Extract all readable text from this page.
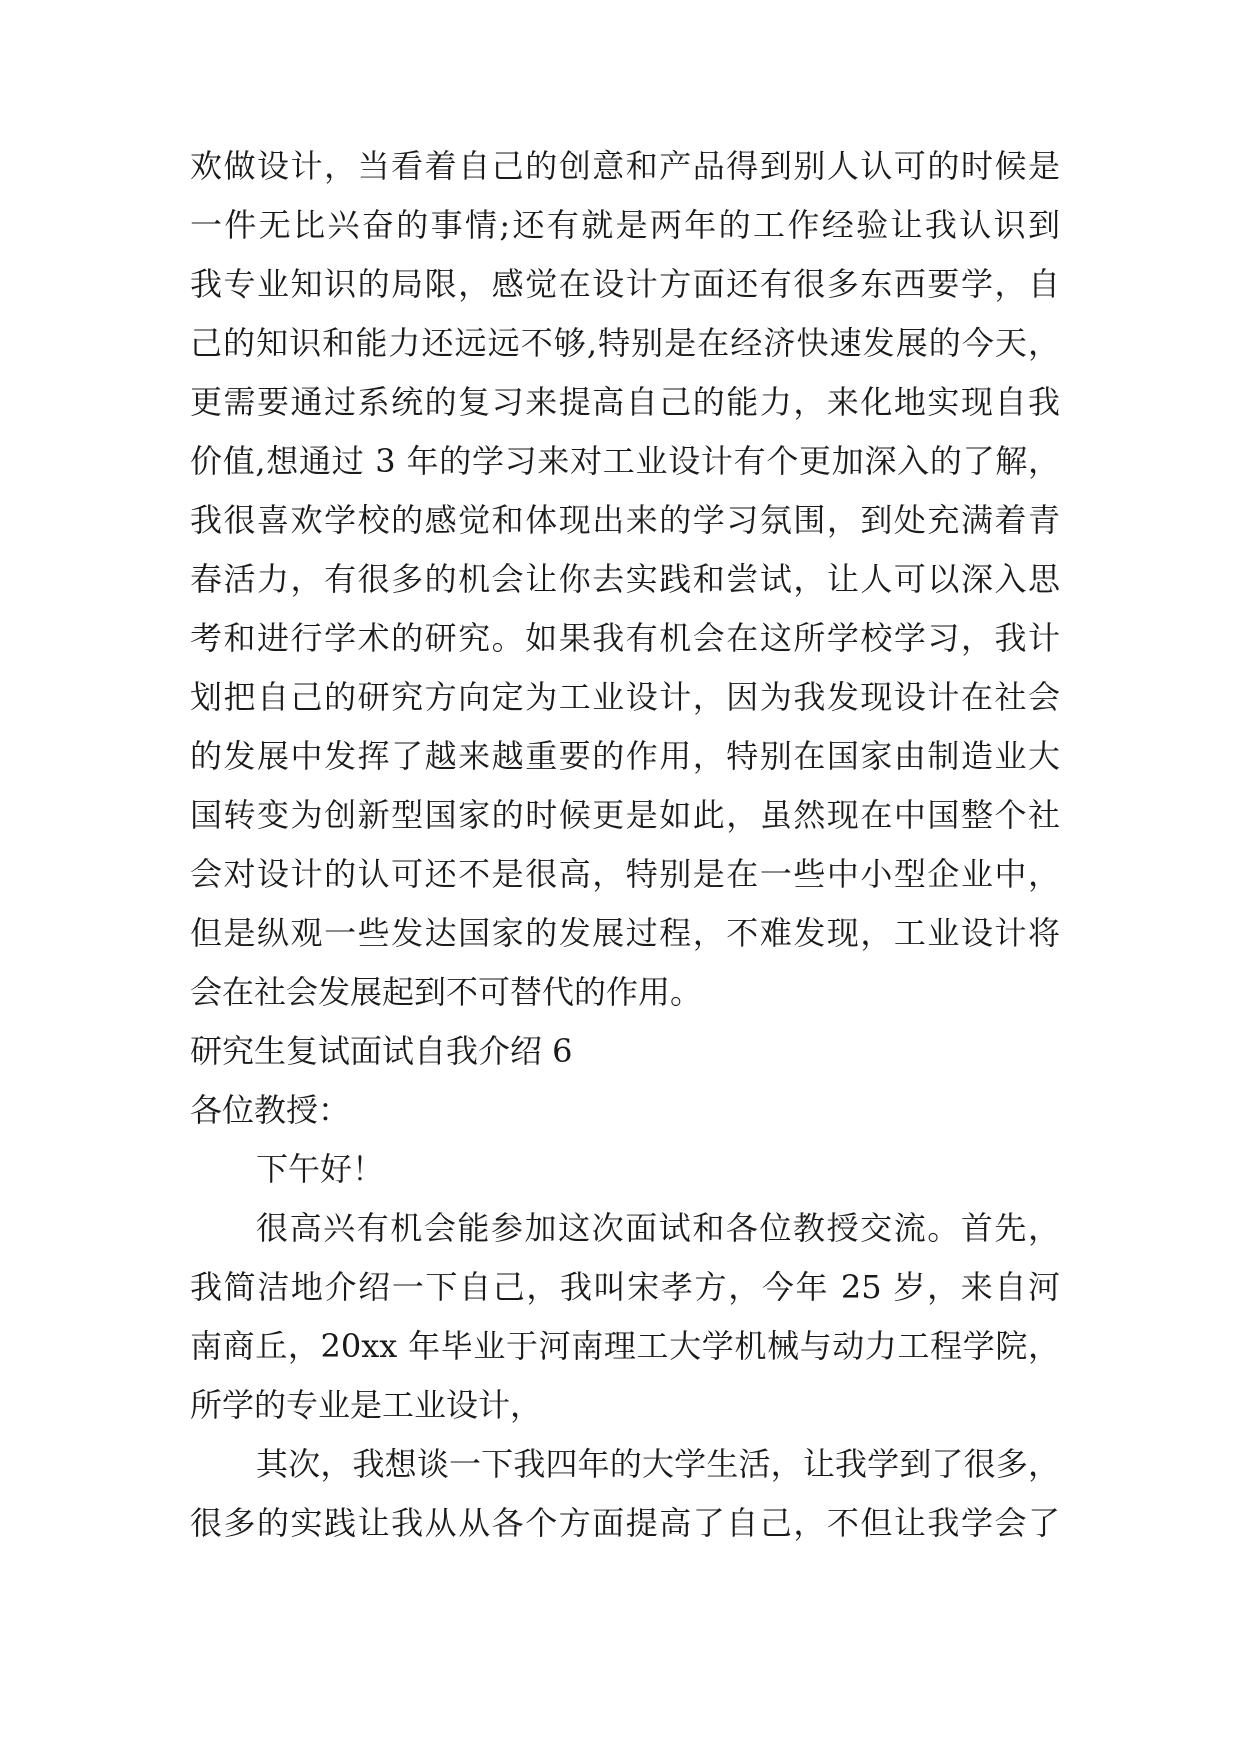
欢做设计，当看着自己的创意和产品得到别人认可的时候是
一件无比兴奋的事情;还有就是两年的工作经验让我认识到
我专业知识的局限，感觉在设计方面还有很多东西要学，自
己的知识和能力还远远不够,特别是在经济快速发展的今天，
更需要通过系统的复习来提高自己的能力，来化地实现自我
价值,想通过 3 年的学习来对工业设计有个更加深入的了解，
我很喜欢学校的感觉和体现出来的学习氛围，到处充满着青
春活力，有很多的机会让你去实践和尝试，让人可以深入思
考和进行学术的研究。如果我有机会在这所学校学习，我计
划把自己的研究方向定为工业设计，因为我发现设计在社会
的发展中发挥了越来越重要的作用，特别在国家由制造业大
国转变为创新型国家的时候更是如此，虽然现在中国整个社
会对设计的认可还不是很高，特别是在一些中小型企业中，
但是纵观一些发达国家的发展过程，不难发现，工业设计将
会在社会发展起到不可替代的作用。
研究生复试面试自我介绍 6
各位教授：
下午好！
很高兴有机会能参加这次面试和各位教授交流。首先，
我简洁地介绍一下自己，我叫宋孝方，今年 25 岁，来自河
南商丘，20xx 年毕业于河南理工大学机械与动力工程学院，
所学的专业是工业设计，
其次，我想谈一下我四年的大学生活，让我学到了很多，
很多的实践让我从从各个方面提高了自己，不但让我学会了
